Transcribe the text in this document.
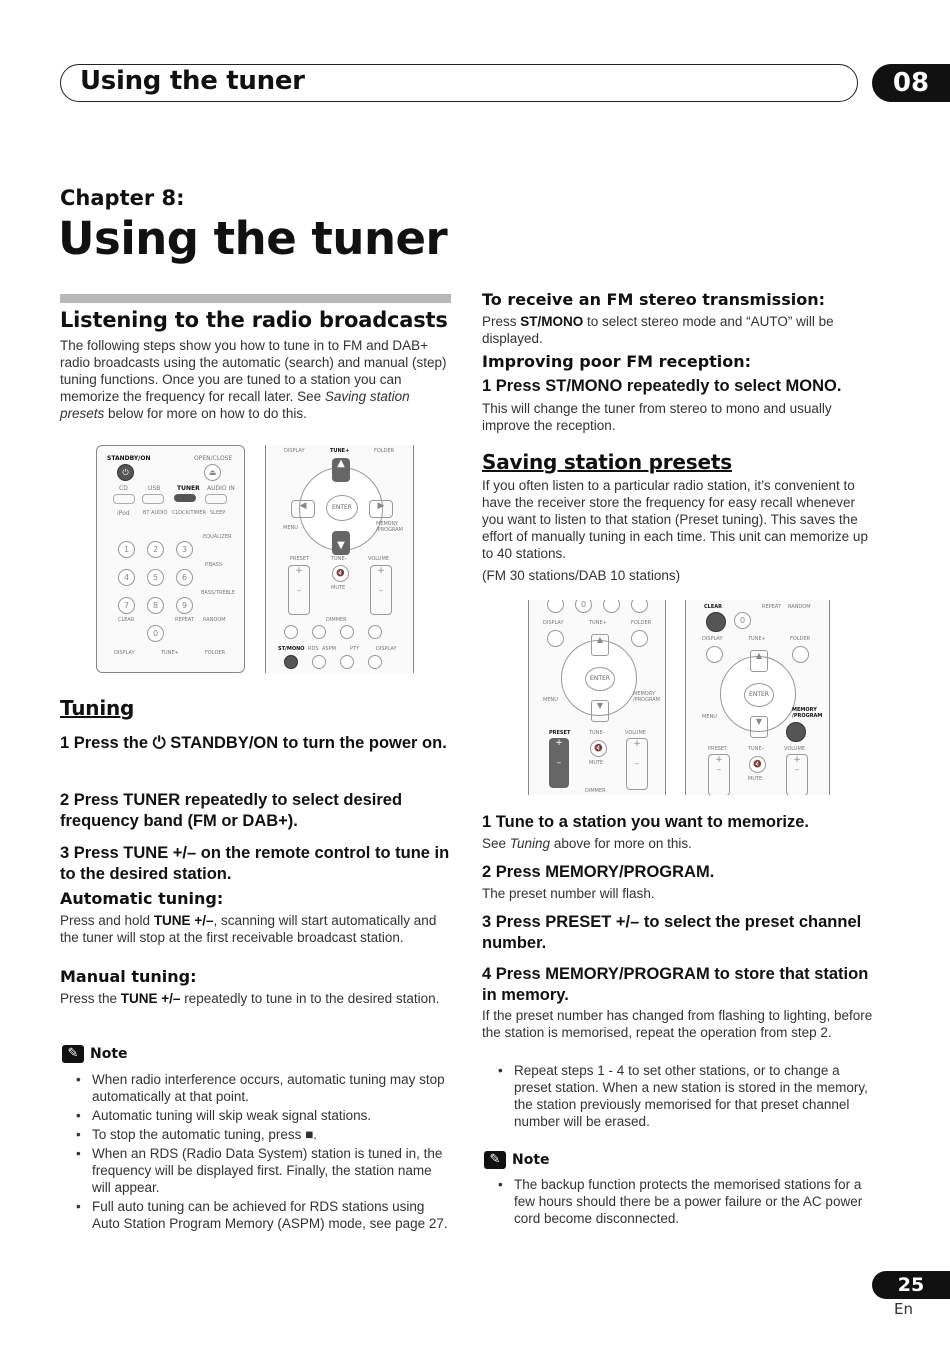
Using the tuner	08
Chapter 8:
Using the tuner
Listening to the radio broadcasts
The following steps show you how to tune in to FM and DAB+ radio broadcasts using the automatic (search) and manual (step) tuning functions. Once you are tuned to a station you can memorize the frequency for recall later. See Saving station presets below for more on how to do this.
STANDBY/ON	OPEN/CLOSE
⏻	⏏
CD	USB	TUNER AUDIO IN
iPod	BT AUDIO CLOCK/TIMER SLEEP
EQUALIZER
1	2	3
P.BASS
4	5	6
BASS/TREBLE
7	8	9
CLEAR	REPEAT RANDOM
0
DISPLAY	TUNE+	FOLDER
DISPLAY	TUNE+	FOLDER
▲
▼
◀	▶
ENTER
MENU
MEMORY /PROGRAM
PRESET	TUNE–	VOLUME
+

–
+

–
🔇
MUTE
DIMMER
ST/MONO RDS ASPM	PTY	DISPLAY
Tuning
1 Press the ⏻ STANDBY/ON to turn the power on.
2 Press TUNER repeatedly to select desired frequency band (FM or DAB+).
3 Press TUNE +/– on the remote control to tune in to the desired station.
Automatic tuning:
Press and hold TUNE +/–, scanning will start automatically and the tuner will stop at the first receivable broadcast station.
Manual tuning:
Press the TUNE +/– repeatedly to tune in to the desired station.
✎ Note
• When radio interference occurs, automatic tuning may stop automatically at that point.
• Automatic tuning will skip weak signal stations.
• To stop the automatic tuning, press ■.
• When an RDS (Radio Data System) station is tuned in, the frequency will be displayed first. Finally, the station name will appear.
• Full auto tuning can be achieved for RDS stations using Auto Station Program Memory (ASPM) mode, see page 27.
To receive an FM stereo transmission:
Press ST/MONO to select stereo mode and “AUTO” will be displayed.
Improving poor FM reception:
1 Press ST/MONO repeatedly to select MONO.
This will change the tuner from stereo to mono and usually improve the reception.
Saving station presets
If you often listen to a particular radio station, it’s convenient to have the receiver store the frequency for easy recall whenever you want to listen to that station (Preset tuning). This saves the effort of manually tuning in each time. This unit can memorize up to 40 stations.
(FM 30 stations/DAB 10 stations)
0
DISPLAY	TUNE+	FOLDER
▲
▼
ENTER
MENU
MEMORY /PROGRAM
PRESET	TUNE–	VOLUME
+

–
+

–
🔇
MUTE
DIMMER
CLEAR	REPEAT RANDOM
0
DISPLAY	TUNE+	FOLDER
▲
▼
ENTER
MENU
MEMORY /PROGRAM
PRESET	TUNE–	VOLUME
+
–
+
–
🔇
MUTE
1 Tune to a station you want to memorize.
See Tuning above for more on this.
2 Press MEMORY/PROGRAM.
The preset number will flash.
3 Press PRESET +/– to select the preset channel number.
4 Press MEMORY/PROGRAM to store that station in memory.
If the preset number has changed from flashing to lighting, before the station is memorised, repeat the operation from step 2.
• Repeat steps 1 - 4 to set other stations, or to change a preset station. When a new station is stored in the memory, the station previously memorised for that preset channel number will be erased.
✎ Note
• The backup function protects the memorised stations for a few hours should there be a power failure or the AC power cord become disconnected.
25
En
